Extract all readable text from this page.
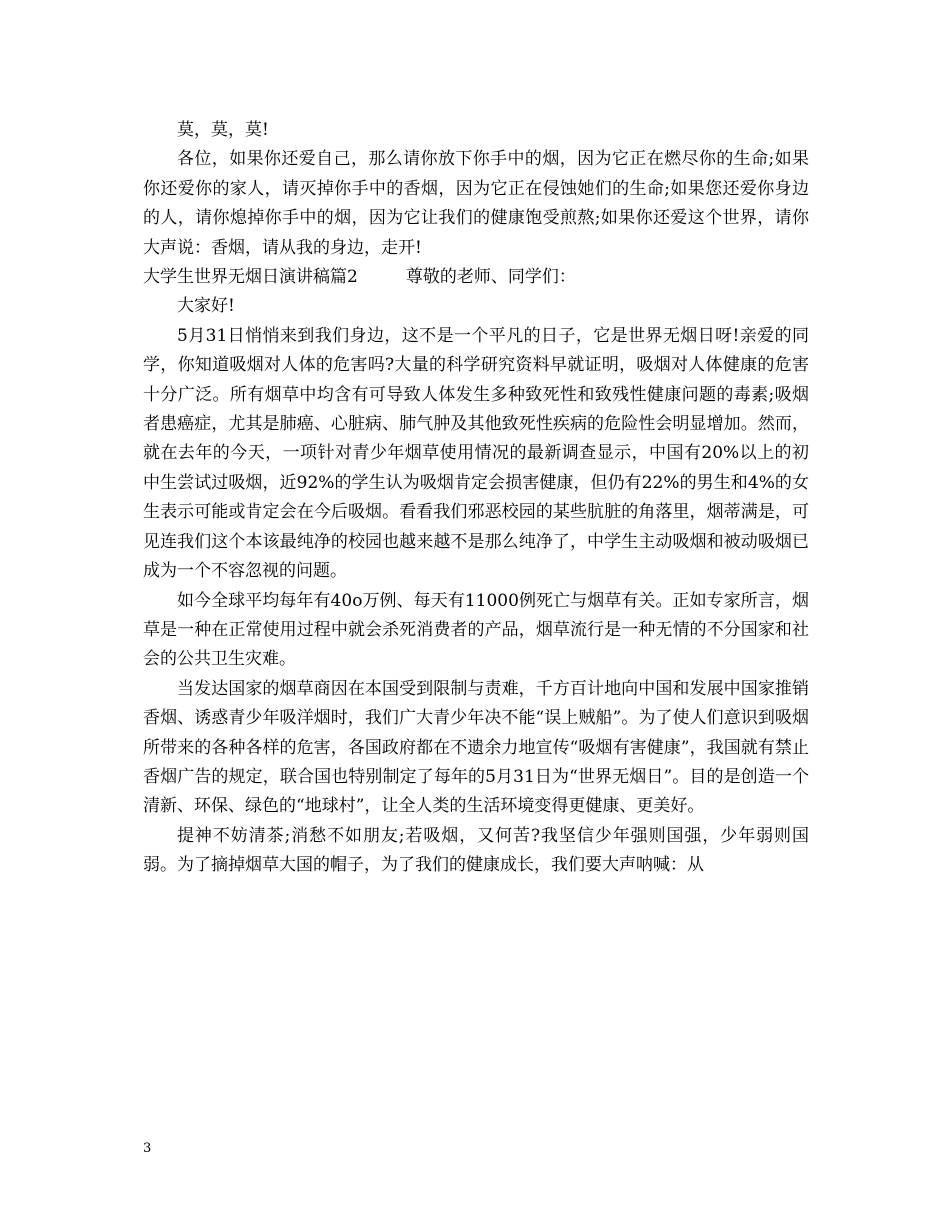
莫，莫，莫!

各位，如果你还爱自己，那么请你放下你手中的烟，因为它正在燃尽你的生命;如果你还爱你的家人，请灭掉你手中的香烟，因为它正在侵蚀她们的生命;如果您还爱你身边的人，请你熄掉你手中的烟，因为它让我们的健康饱受煎熬;如果你还爱这个世界，请你大声说：香烟，请从我的身边，走开!

大学生世界无烟日演讲稿篇2	尊敬的老师、同学们：

大家好!

5月31日悄悄来到我们身边，这不是一个平凡的日子，它是世界无烟日呀!亲爱的同学，你知道吸烟对人体的危害吗?大量的科学研究资料早就证明，吸烟对人体健康的危害十分广泛。所有烟草中均含有可导致人体发生多种致死性和致残性健康问题的毒素;吸烟者患癌症，尤其是肺癌、心脏病、肺气肿及其他致死性疾病的危险性会明显增加。然而，就在去年的今天，一项针对青少年烟草使用情况的最新调查显示，中国有20%以上的初中生尝试过吸烟，近92%的学生认为吸烟肯定会损害健康，但仍有22%的男生和4%的女生表示可能或肯定会在今后吸烟。看看我们邪恶校园的某些肮脏的角落里，烟蒂满是，可见连我们这个本该最纯净的校园也越来越不是那么纯净了，中学生主动吸烟和被动吸烟已成为一个不容忽视的问题。

如今全球平均每年有40o万例、每天有11000例死亡与烟草有关。正如专家所言，烟草是一种在正常使用过程中就会杀死消费者的产品，烟草流行是一种无情的不分国家和社会的公共卫生灾难。

当发达国家的烟草商因在本国受到限制与责难，千方百计地向中国和发展中国家推销香烟、诱惑青少年吸洋烟时，我们广大青少年决不能“误上贼船”。为了使人们意识到吸烟所带来的各种各样的危害，各国政府都在不遗余力地宣传“吸烟有害健康”，我国就有禁止香烟广告的规定，联合国也特别制定了每年的5月31日为“世界无烟日”。目的是创造一个清新、环保、绿色的“地球村”，让全人类的生活环境变得更健康、更美好。

提神不妨清茶;消愁不如朋友;若吸烟，又何苦?我坚信少年强则国强，少年弱则国弱。为了摘掉烟草大国的帽子，为了我们的健康成长，我们要大声呐喊：从

3
